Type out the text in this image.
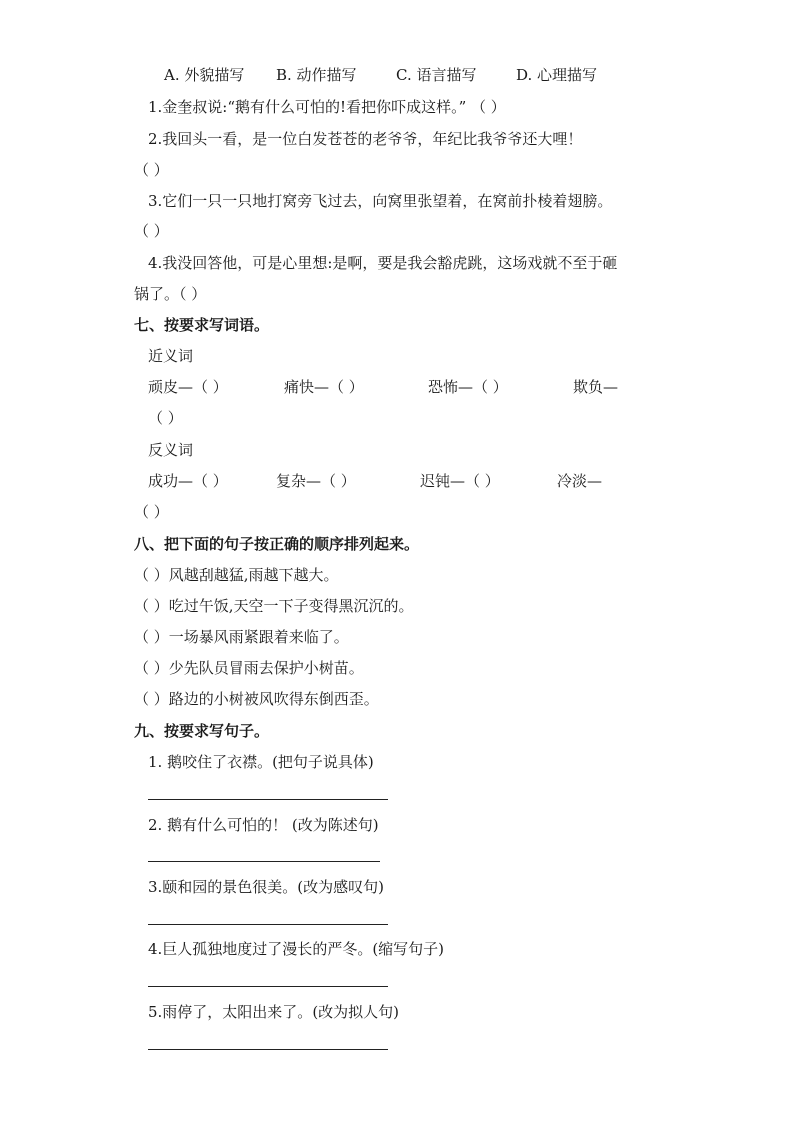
A. 外貌描写 B. 动作描写	C. 语言描写	D. 心理描写
1.金奎叔说:“鹅有什么可怕的!看把你吓成这样。” （ ）
2.我回头一看，是一位白发苍苍的老爷爷，年纪比我爷爷还大哩！
（ ）
3.它们一只一只地打窝旁飞过去，向窝里张望着，在窝前扑棱着翅膀。
（ ）
4.我没回答他，可是心里想:是啊，要是我会豁虎跳，这场戏就不至于砸
锅了。（ ）
七、按要求写词语。
近义词
顽皮—（ ）	痛快—（ ）	恐怖—（ ）	欺负—
（ ）
反义词
成功—（ ）	复杂—（ ）	迟钝—（ ）	冷淡—
（ ）
八、把下面的句子按正确的顺序排列起来。
（ ）风越刮越猛,雨越下越大。
（ ）吃过午饭,天空一下子变得黑沉沉的。
（ ）一场暴风雨紧跟着来临了。
（ ）少先队员冒雨去保护小树苗。
（ ）路边的小树被风吹得东倒西歪。
九、按要求写句子。
1. 鹅咬住了衣襟。(把句子说具体)
2. 鹅有什么可怕的！ (改为陈述句)
3.颐和园的景色很美。(改为感叹句)
4.巨人孤独地度过了漫长的严冬。(缩写句子)
5.雨停了，太阳出来了。(改为拟人句)
